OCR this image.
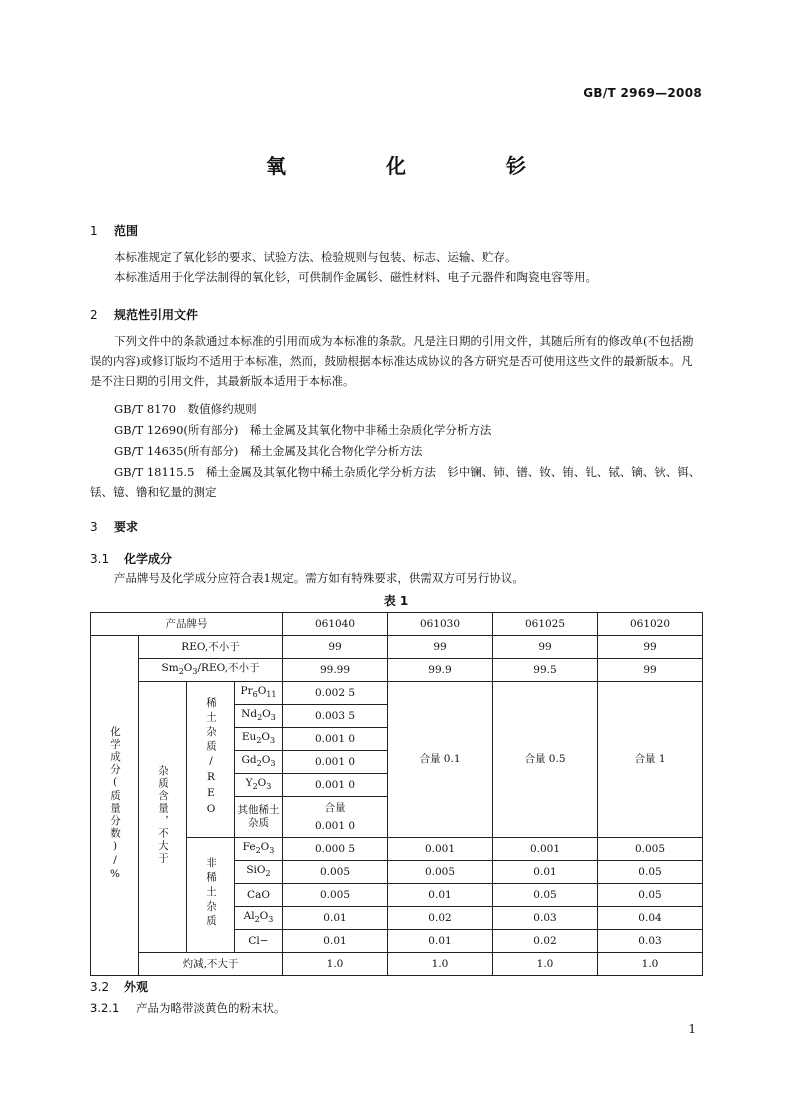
GB/T 2969—2008
氧　化　钐
1 范围
本标准规定了氧化钐的要求、试验方法、检验规则与包装、标志、运输、贮存。
本标准适用于化学法制得的氧化钐，可供制作金属钐、磁性材料、电子元器件和陶瓷电容等用。
2 规范性引用文件
下列文件中的条款通过本标准的引用而成为本标准的条款。凡是注日期的引用文件，其随后所有的修改单(不包括勘误的内容)或修订版均不适用于本标准，然而，鼓励根据本标准达成协议的各方研究是否可使用这些文件的最新版本。凡是不注日期的引用文件，其最新版本适用于本标准。
GB/T 8170　 数值修约规则
GB/T 12690(所有部分)　 稀土金属及其氧化物中非稀土杂质化学分析方法
GB/T 14635(所有部分)　 稀土金属及其化合物化学分析方法
GB/T 18115.5　 稀土金属及其氧化物中稀土杂质化学分析方法　钐中镧、铈、镨、钕、铕、钆、铽、镝、钬、铒、铥、镱、镥和钇量的测定
3 要求
3.1 化学成分
产品牌号及化学成分应符合表1规定。需方如有特殊要求，供需双方可另行协议。
表 1
产品牌号				061040	061030	061025	061020
化学成分(质量分数)/%	REO,不小于			99	99	99	99
	$Sm_2O_3$/REO,不小于			99.99	99.9	99.5	99
	杂质含量，不大于	稀土杂质/REO	$Pr_6O_{11}$	0.002 5	合量 0.1	合量 0.5	合量 1
			$Nd_2O_3$	0.003 5			
			$Eu_2O_3$	0.001 0			
			$Gd_2O_3$	0.001 0			
			$Y_2O_3$	0.001 0			
			其他稀土杂质	合量
0.001 0			
		非稀土杂质	$Fe_2O_3$	0.000 5	0.001	0.001	0.005
			SiO$_2$	0.005	0.005	0.01	0.05
			CaO	0.005	0.01	0.05	0.05
			$Al_2O_3$	0.01	0.02	0.03	0.04
			Cl−	0.01	0.01	0.02	0.03
	灼减,不大于			1.0	1.0	1.0	1.0
3.2 外观
3.2.1 产品为略带淡黄色的粉末状。
1
